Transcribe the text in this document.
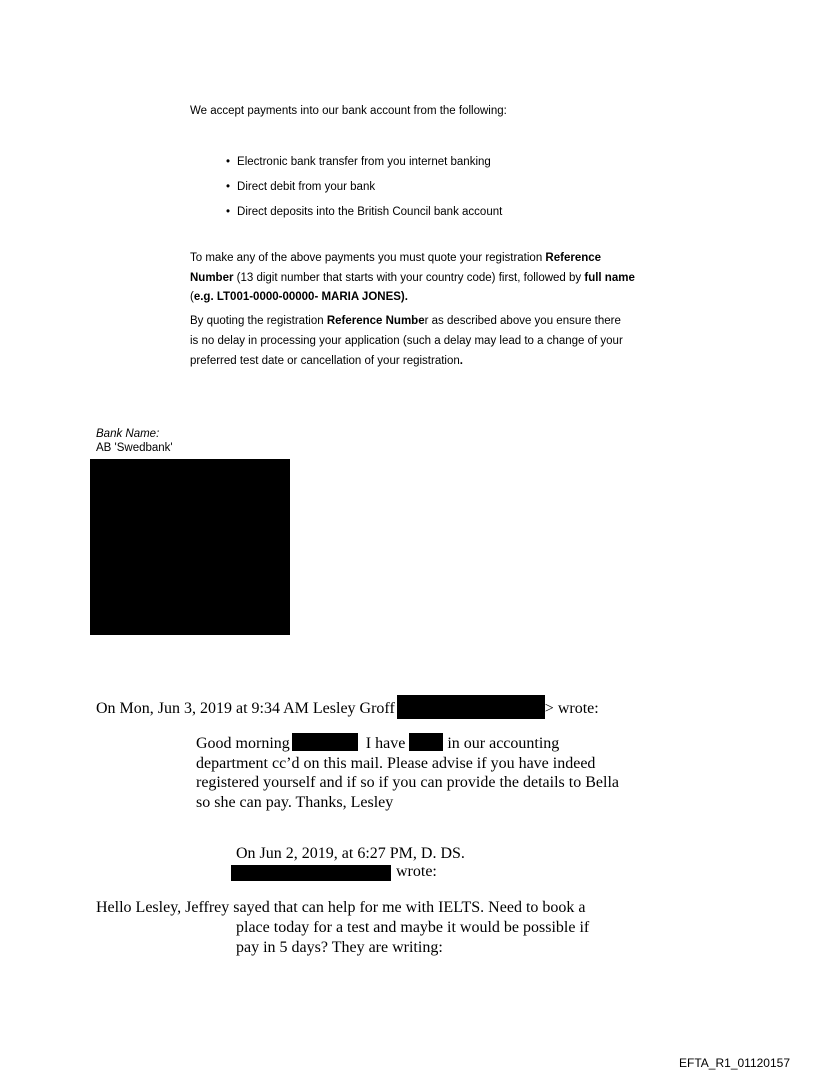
We accept payments into our bank account from the following:
• Electronic bank transfer from you internet banking
• Direct debit from your bank
• Direct deposits into the British Council bank account
To make any of the above payments you must quote your registration Reference Number (13 digit number that starts with your country code) first, followed by full name (e.g. LT001-0000-00000- MARIA JONES).
By quoting the registration Reference Number as described above you ensure there is no delay in processing your application (such a delay may lead to a change of your preferred test date or cancellation of your registration.
Bank Name:
AB 'Swedbank'
On Mon, Jun 3, 2019 at 9:34 AM Lesley Groff	> wrote:
Good morning	I have  in our accounting department cc’d on this mail. Please advise if you have indeed registered yourself and if so if you can provide the details to Bella so she can pay. Thanks, Lesley
On Jun 2, 2019, at 6:27 PM, D. DS.
wrote:
Hello Lesley, Jeffrey sayed that can help for me with IELTS. Need to book a
place today for a test and maybe it would be possible if
pay in 5 days? They are writing:
EFTA_R1_01120157
